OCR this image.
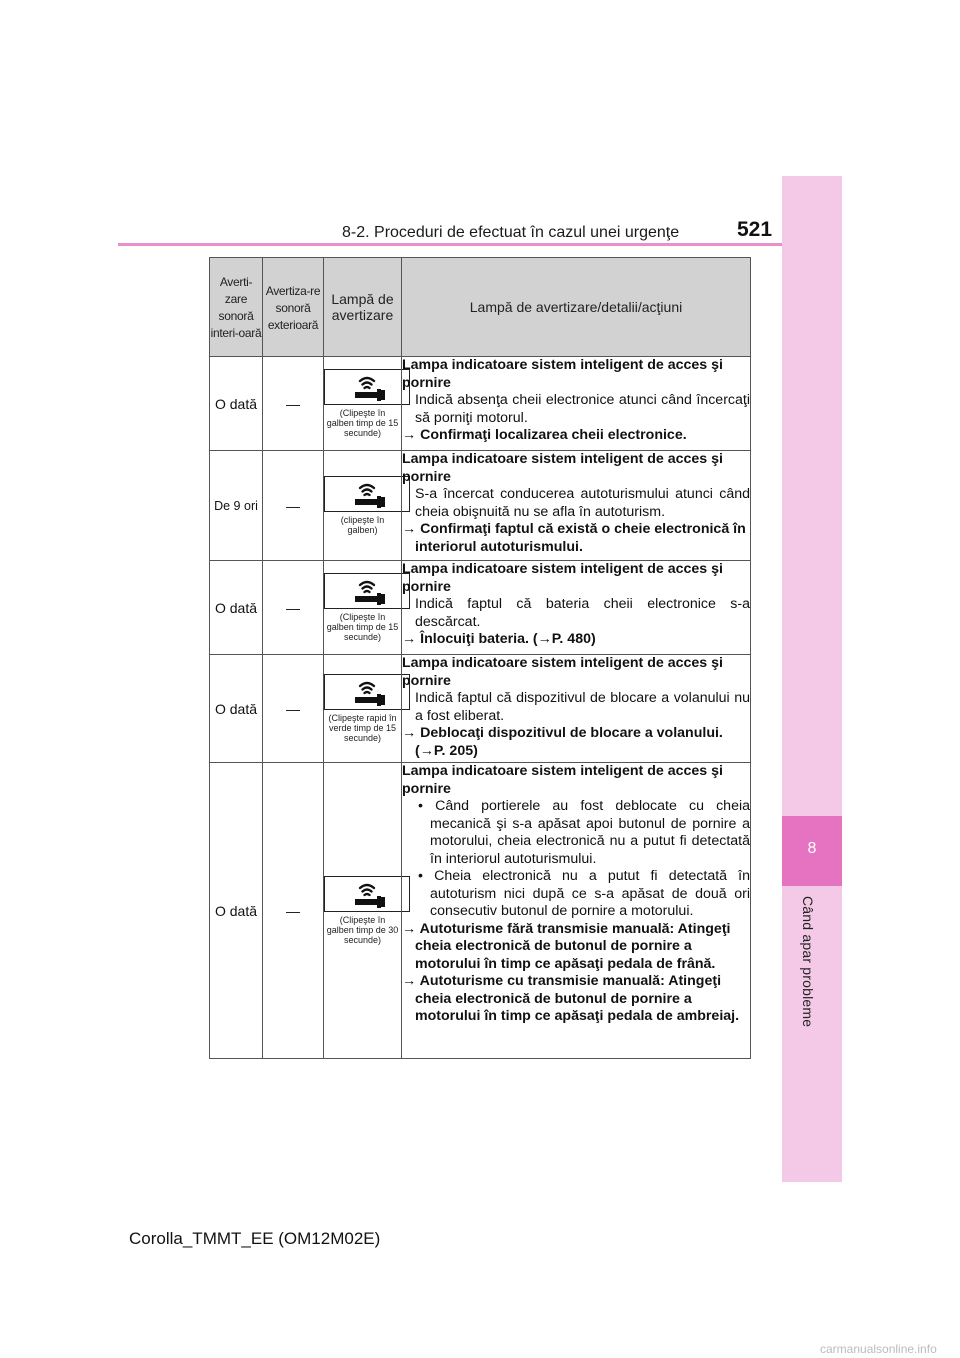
8-2. Proceduri de efectuat în cazul unei urgenţe	521
8
Când apar probleme
Averti-zare sonoră interi-oară	Avertiza-re sonoră exterioară	Lampă de avertizare	Lampă de avertizare/detalii/acţiuni
O dată	—	(Clipeşte în galben timp de 15 secunde)	Lampa indicatoare sistem inteligent de acces şi pornire
Indică absenţa cheii electronice atunci când încercaţi să porniţi motorul.
→ Confirmaţi localizarea cheii electronice.

De 9 ori	—	(clipeşte în galben)	Lampa indicatoare sistem inteligent de acces şi pornire
S-a încercat conducerea autoturismului atunci când cheia obişnuită nu se afla în autoturism.
→ Confirmaţi faptul că există o cheie electronică în interiorul autoturismului.

O dată	—	(Clipeşte în galben timp de 15 secunde)	Lampa indicatoare sistem inteligent de acces şi pornire
Indică faptul că bateria cheii electronice s-a descărcat.
→ Înlocuiţi bateria. (→P. 480)

O dată	—	(Clipeşte rapid în verde timp de 15 secunde)	Lampa indicatoare sistem inteligent de acces şi pornire
Indică faptul că dispozitivul de blocare a volanului nu a fost eliberat.
→ Deblocaţi dispozitivul de blocare a volanului. (→P. 205)

O dată	—	(Clipeşte în galben timp de 30 secunde)	Lampa indicatoare sistem inteligent de acces şi pornire
• Când portierele au fost deblocate cu cheia mecanică şi s-a apăsat apoi butonul de pornire a motorului, cheia electronică nu a putut fi detectată în interiorul autoturismului.
• Cheia electronică nu a putut fi detectată în autoturism nici după ce s-a apăsat de două ori consecutiv butonul de pornire a motorului.
→ Autoturisme fără transmisie manuală: Atingeţi cheia electronică de butonul de pornire a motorului în timp ce apăsaţi pedala de frână.
→ Autoturisme cu transmisie manuală: Atingeţi cheia electronică de butonul de pornire a motorului în timp ce apăsaţi pedala de ambreiaj.
Corolla_TMMT_EE (OM12M02E)
carmanualsonline.info
